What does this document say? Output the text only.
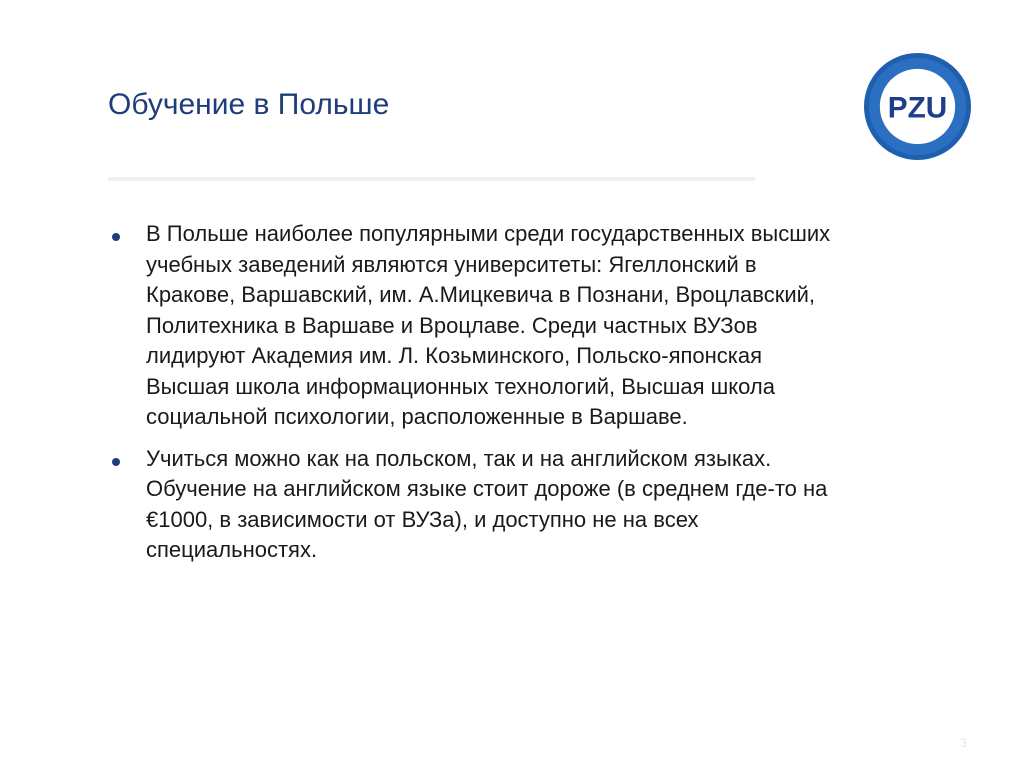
Обучение в Польше	PZU
В Польше наиболее популярными среди государственных высших учебных заведений являются университеты: Ягеллонский в Кракове, Варшавский, им. А.Мицкевича в Познани, Вроцлавский, Политехника в Варшаве и Вроцлаве. Среди частных ВУЗов лидируют Академия им. Л. Козьминского, Польско-японская Высшая школа информационных технологий, Высшая школа социальной психологии, расположенные в Варшаве.
Учиться можно как на польском, так и на английском языках. Обучение на английском языке стоит дороже (в среднем где-то на €1000, в зависимости от ВУЗа), и доступно не на всех специальностях.
3
